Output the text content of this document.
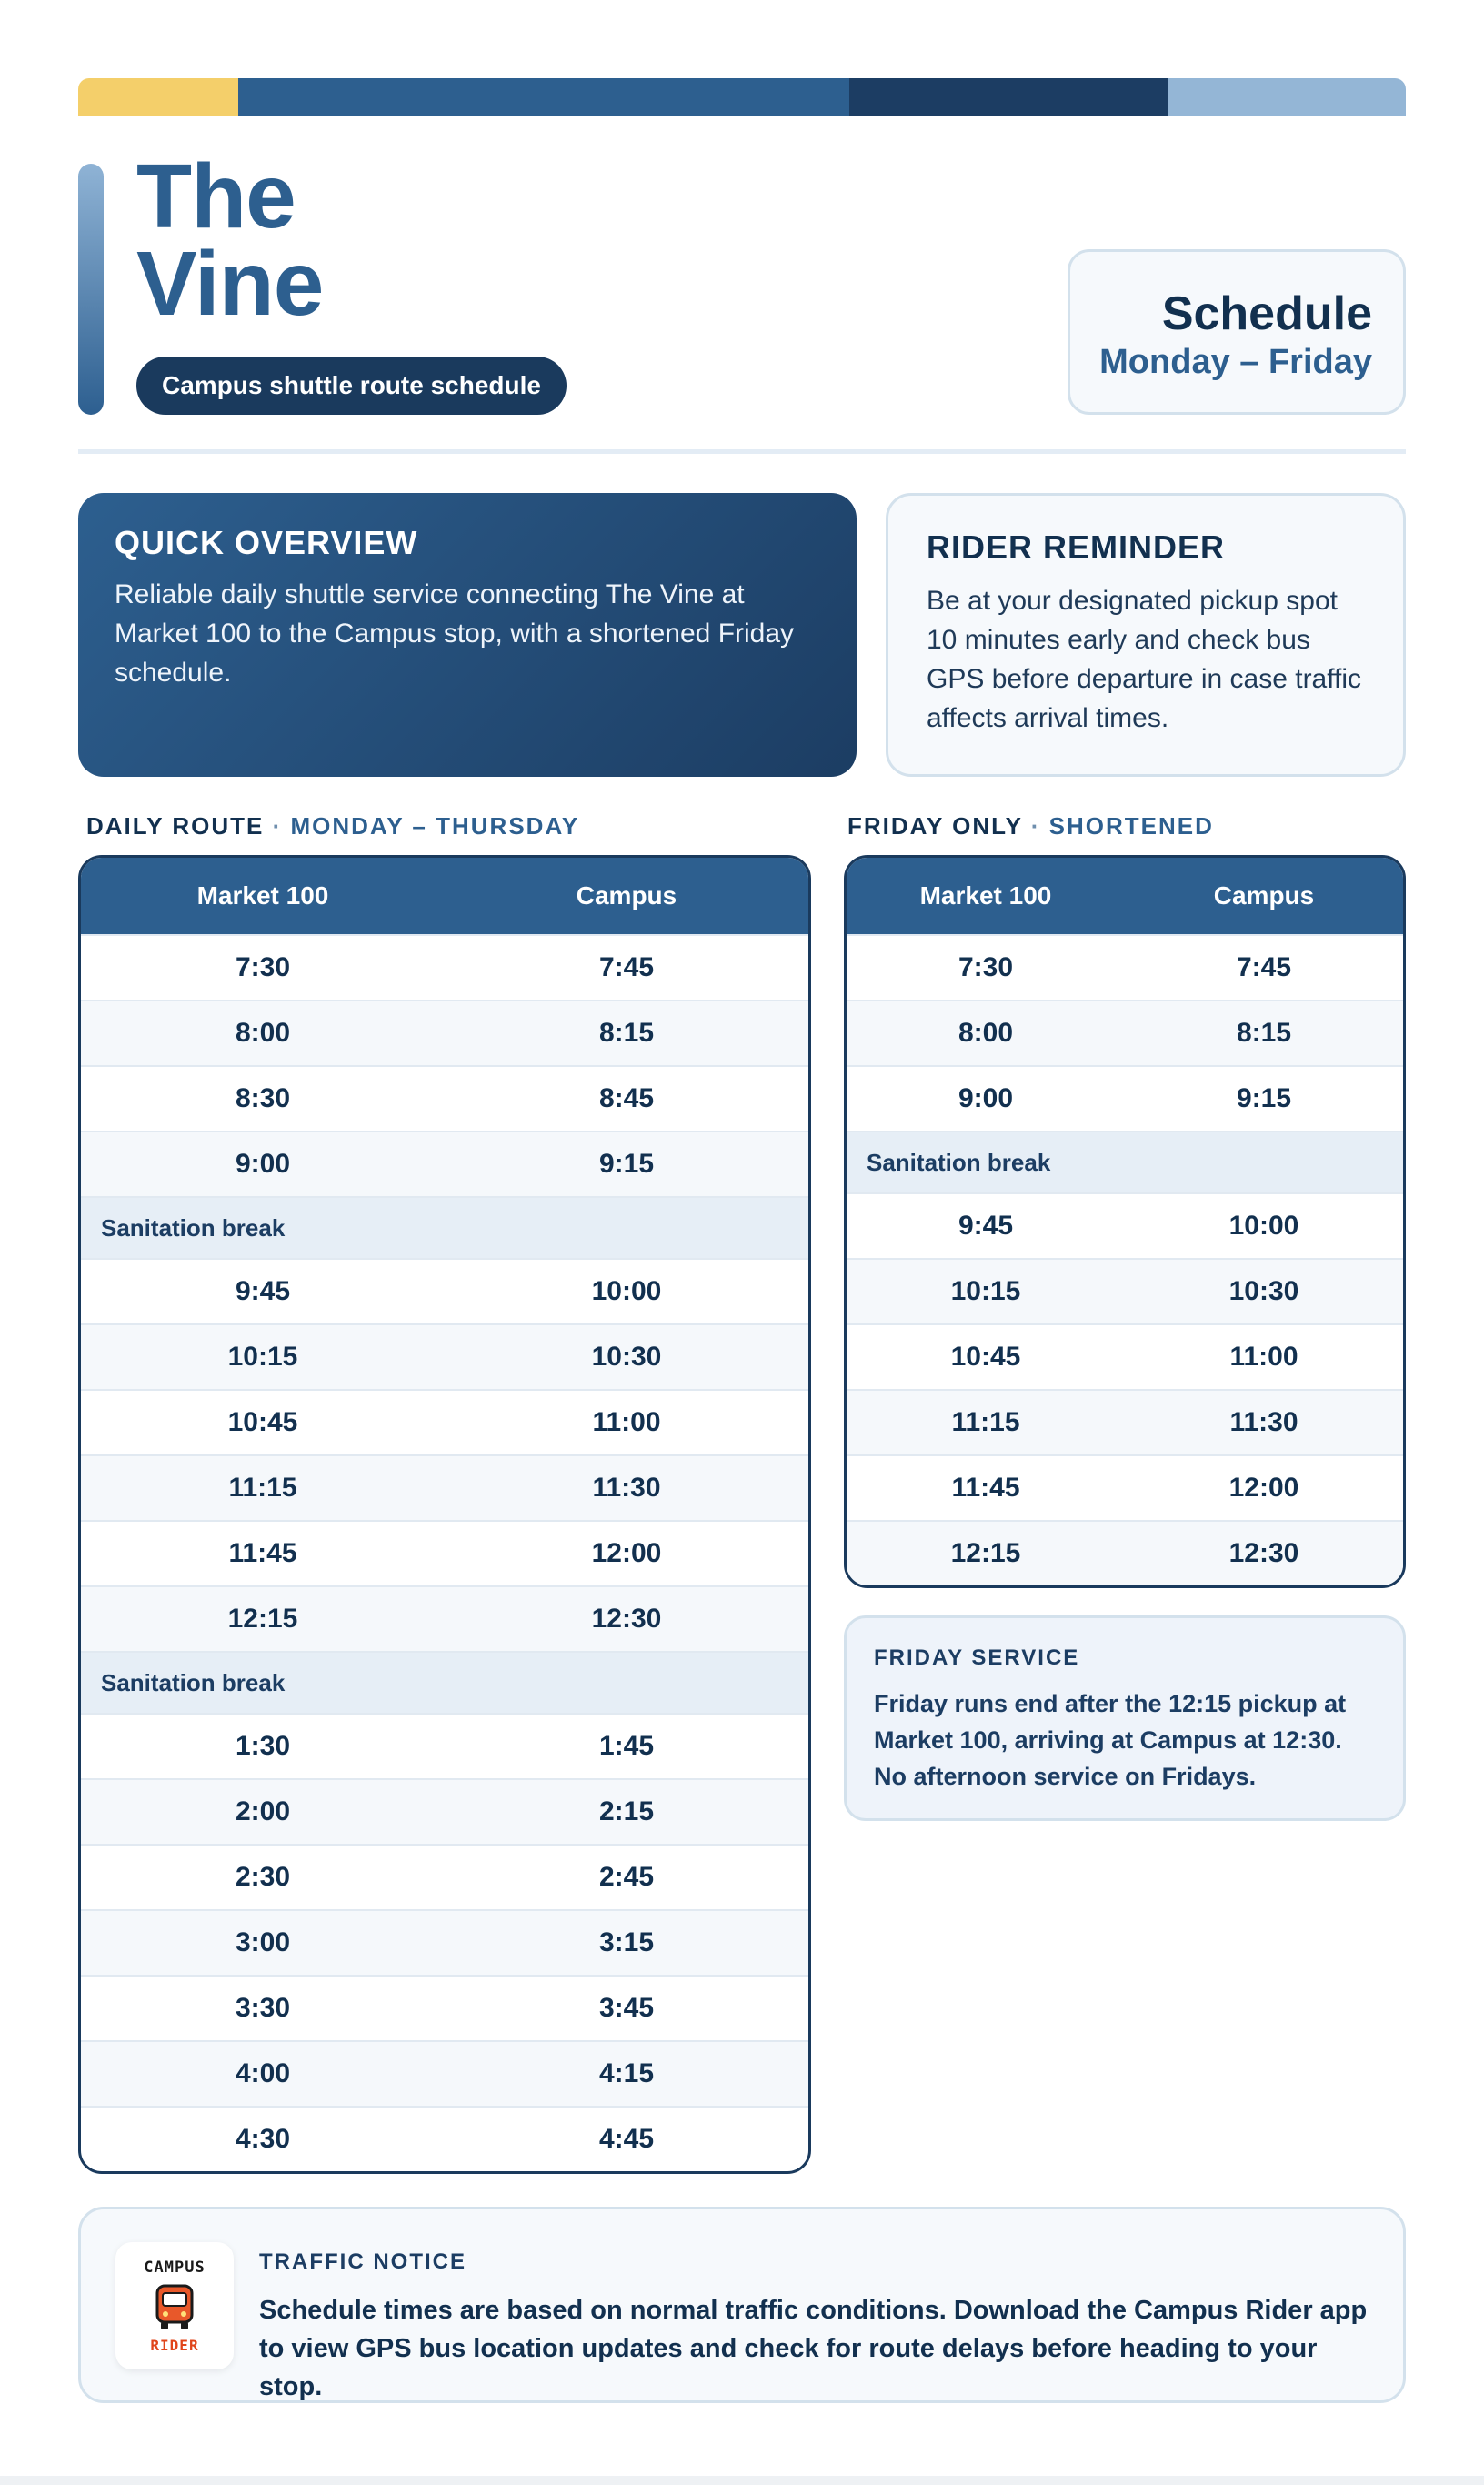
The
Vine
Campus shuttle route schedule
Schedule
Monday – Friday
QUICK OVERVIEW
Reliable daily shuttle service connecting The Vine at Market 100 to the Campus stop, with a shortened Friday schedule.
RIDER REMINDER
Be at your designated pickup spot 10 minutes early and check bus GPS before departure in case traffic affects arrival times.
DAILY ROUTE · MONDAY – THURSDAY	FRIDAY ONLY · SHORTENED
Market 100	Campus
7:30	7:45
8:00	8:15
8:30	8:45
9:00	9:15
Sanitation break
9:45	10:00
10:15	10:30
10:45	11:00
11:15	11:30
11:45	12:00
12:15	12:30
Sanitation break
1:30	1:45
2:00	2:15
2:30	2:45
3:00	3:15
3:30	3:45
4:00	4:15
4:30	4:45
Market 100	Campus
7:30	7:45
8:00	8:15
9:00	9:15
Sanitation break
9:45	10:00
10:15	10:30
10:45	11:00
11:15	11:30
11:45	12:00
12:15	12:30
FRIDAY SERVICE
Friday runs end after the 12:15 pickup at Market 100, arriving at Campus at 12:30. No afternoon service on Fridays.
CAMPUS
RIDER
TRAFFIC NOTICE
Schedule times are based on normal traffic conditions. Download the Campus Rider app to view GPS bus location updates and check for route delays before heading to your stop.
